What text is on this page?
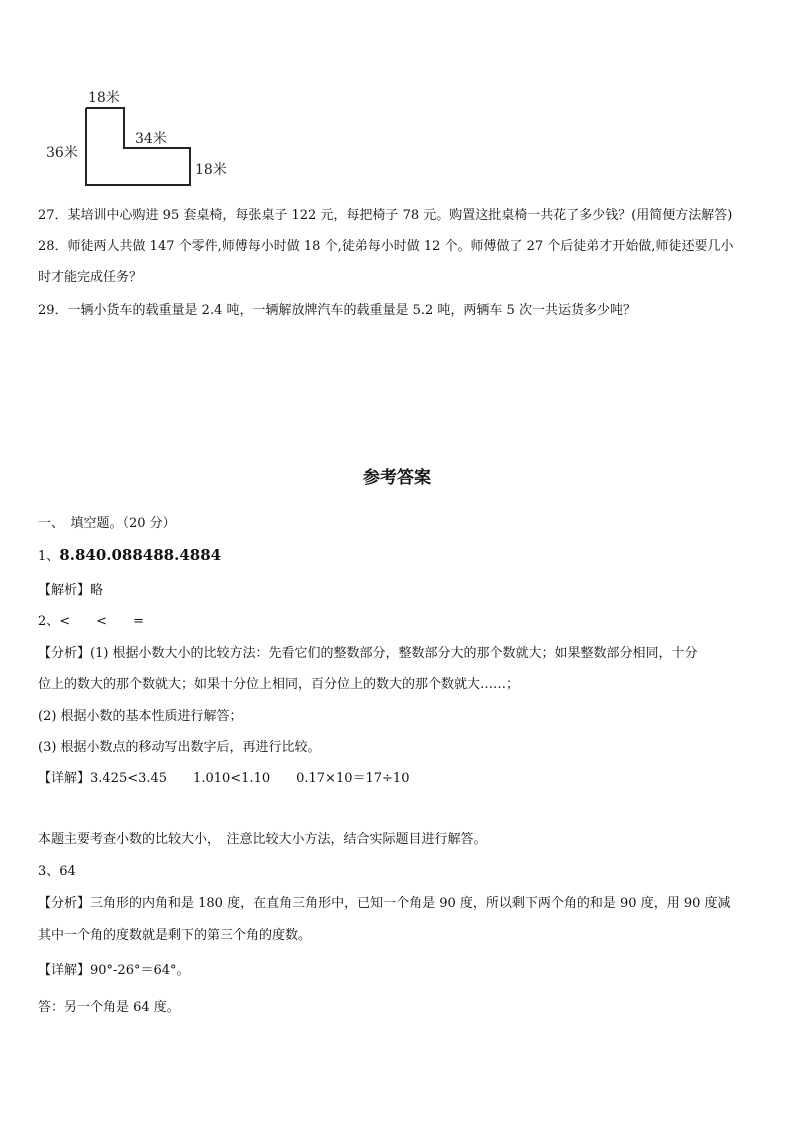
18米
36米
34米
18米
27．某培训中心购进 95 套桌椅，每张桌子 122 元，每把椅子 78 元。购置这批桌椅一共花了多少钱？(用简便方法解答)
28．师徒两人共做 147 个零件,师傅每小时做 18 个,徒弟每小时做 12 个。师傅做了 27 个后徒弟才开始做,师徒还要几小
时才能完成任务？
29．一辆小货车的载重量是 2.4 吨，一辆解放牌汽车的载重量是 5.2 吨，两辆车 5 次一共运货多少吨？
参考答案
一、　填空题。（20 分）
1、8.840.088488.4884
【解析】略
2、<　　<　　=
【分析】(1) 根据小数大小的比较方法：先看它们的整数部分，整数部分大的那个数就大；如果整数部分相同，十分
位上的数大的那个数就大；如果十分位上相同，百分位上的数大的那个数就大……；
(2) 根据小数的基本性质进行解答；
(3) 根据小数点的移动写出数字后，再进行比较。
【详解】3.425<3.45　　1.010<1.10　　0.17×10＝17÷10
本题主要考查小数的比较大小，　注意比较大小方法，结合实际题目进行解答。
3、64
【分析】三角形的内角和是 180 度，在直角三角形中，已知一个角是 90 度，所以剩下两个角的和是 90 度，用 90 度减
其中一个角的度数就是剩下的第三个角的度数。
【详解】90°-26°＝64°。
答：另一个角是 64 度。
